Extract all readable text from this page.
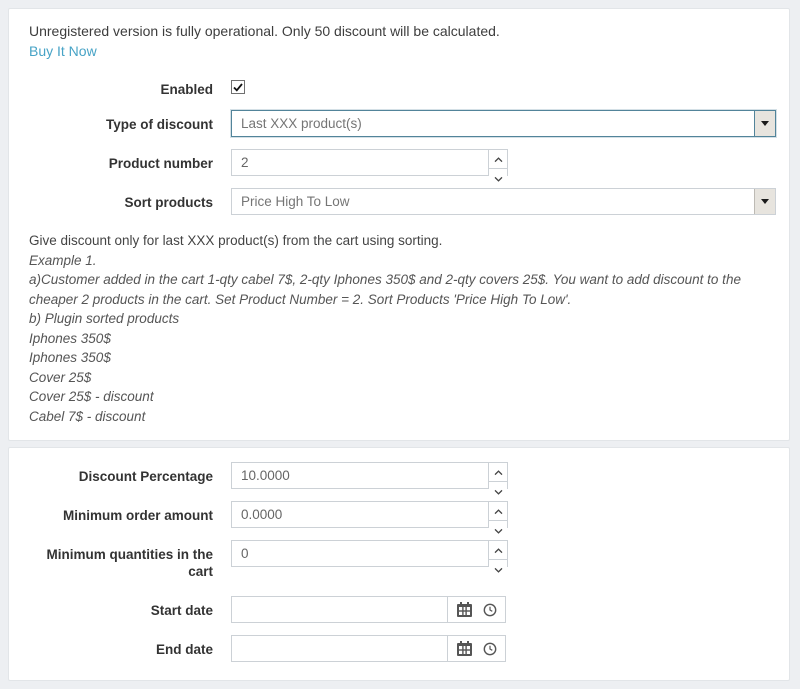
Unregistered version is fully operational. Only 50 discount will be calculated.
Buy It Now
Enabled
Type of discount	Last XXX product(s)
Product number
2
Sort products	Price High To Low
Give discount only for last XXX product(s) from the cart using sorting.
Example 1.
a)Customer added in the cart 1-qty cabel 7$, 2-qty Iphones 350$ and 2-qty covers 25$. You want to add discount to the cheaper 2 products in the cart. Set Product Number = 2. Sort Products 'Price High To Low'.
b) Plugin sorted products
Iphones 350$
Iphones 350$
Cover 25$
Cover 25$ - discount
Cabel 7$ - discount
Discount Percentage
10.0000
Minimum order amount
0.0000
Minimum quantities in the cart
0
Start date
End date
